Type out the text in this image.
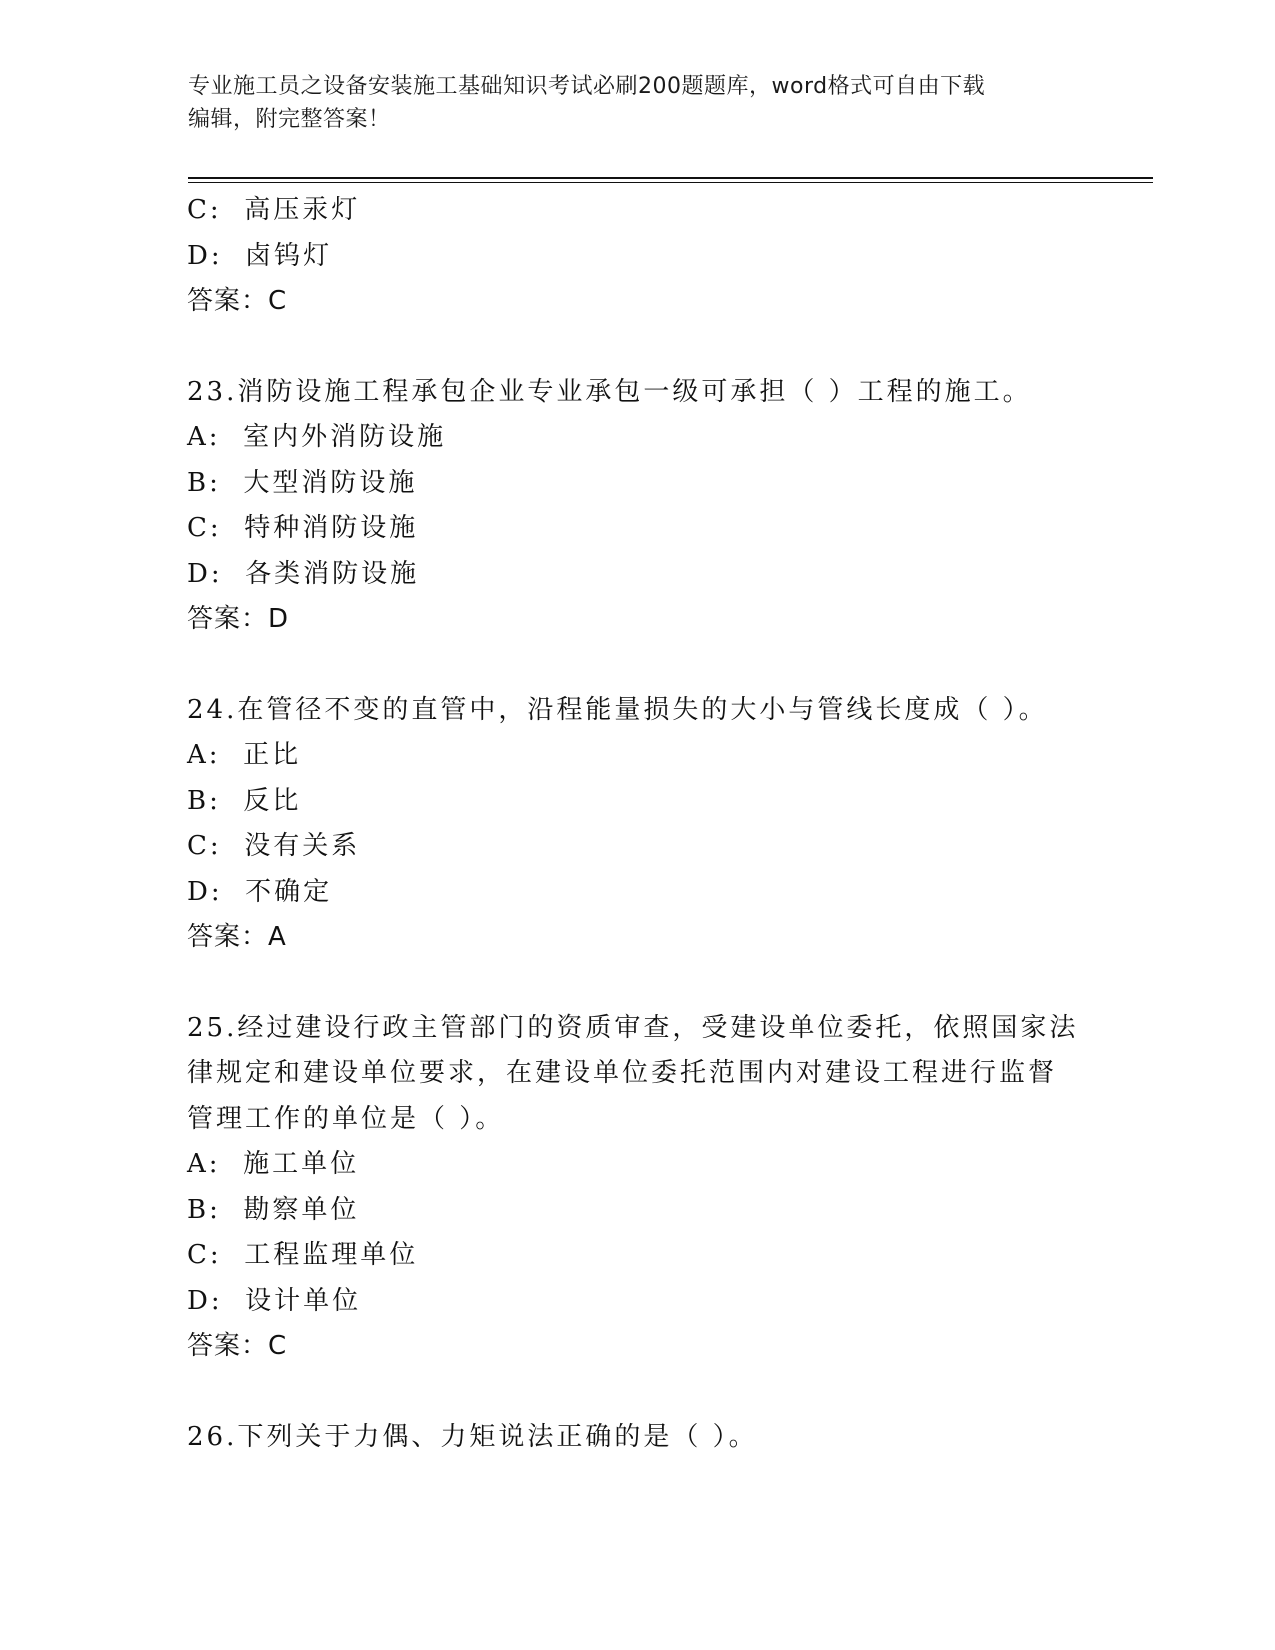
专业施工员之设备安装施工基础知识考试必刷200题题库，word格式可自由下载
编辑，附完整答案！
C:  高压汞灯
D:  卤钨灯
答案：C
23.消防设施工程承包企业专业承包一级可承担（ ）工程的施工。
A:  室内外消防设施
B:  大型消防设施
C:  特种消防设施
D:  各类消防设施
答案：D
24.在管径不变的直管中，沿程能量损失的大小与管线长度成（ ）。
A:  正比
B:  反比
C:  没有关系
D:  不确定
答案：A
25.经过建设行政主管部门的资质审查，受建设单位委托，依照国家法
律规定和建设单位要求，在建设单位委托范围内对建设工程进行监督
管理工作的单位是（ ）。
A:  施工单位
B:  勘察单位
C:  工程监理单位
D:  设计单位
答案：C
26.下列关于力偶、力矩说法正确的是（ ）。
